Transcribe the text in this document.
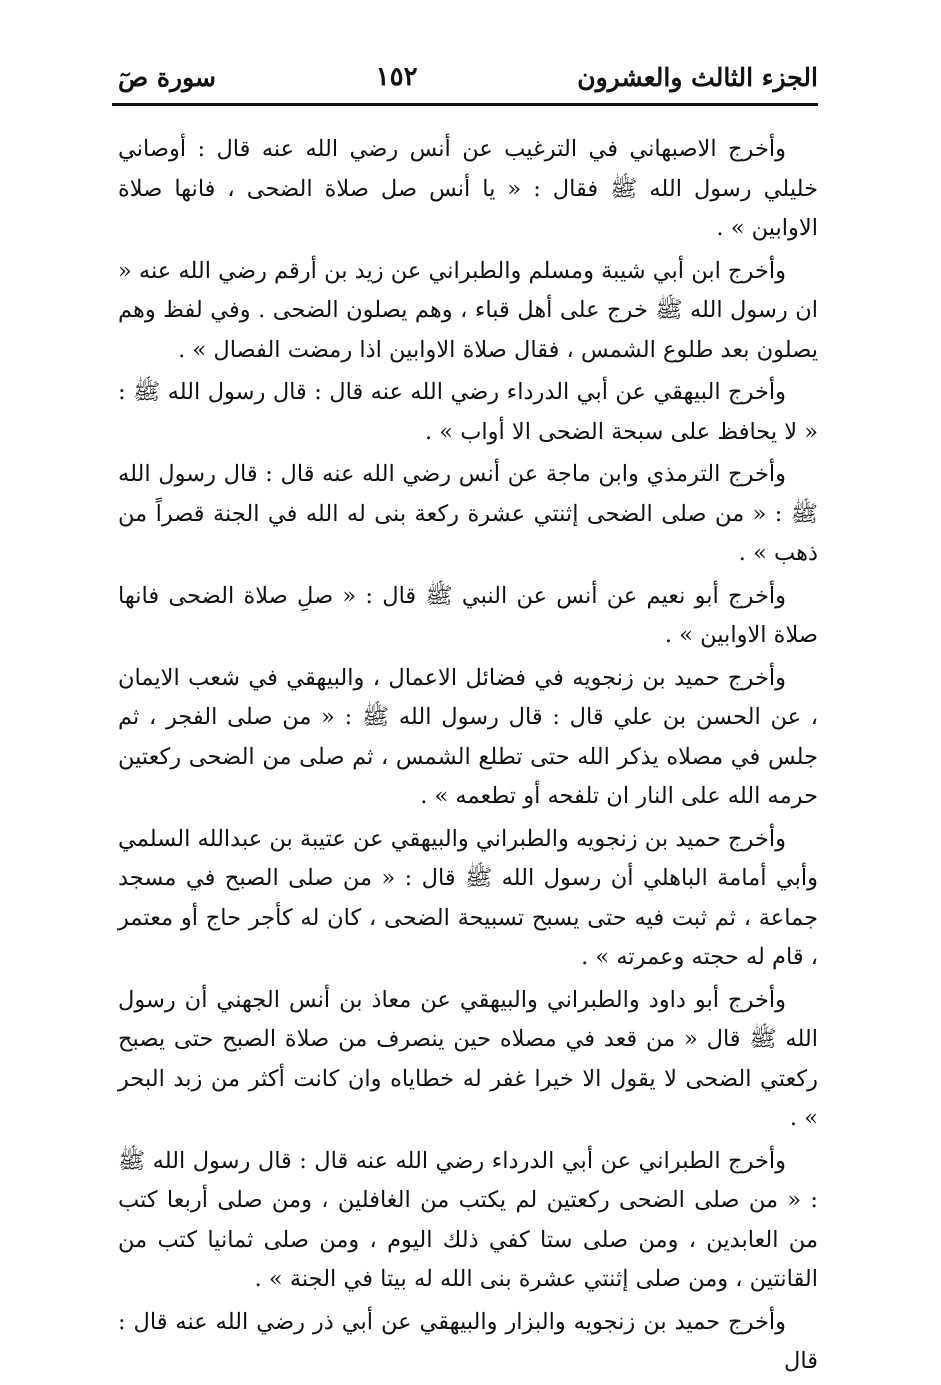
الجزء الثالث والعشرون
١٥٢
سورة صٓ

وأخرج الاصبهاني في الترغيب عن أنس رضي الله عنه قال : أوصاني خليلي رسول الله ﷺ فقال : « يا أنس صل صلاة الضحى ، فانها صلاة الاوابين » .

وأخرج ابن أبي شيبة ومسلم والطبراني عن زيد بن أرقم رضي الله عنه « ان رسول الله ﷺ خرج على أهل قباء ، وهم يصلون الضحى . وفي لفظ وهم يصلون بعد طلوع الشمس ، فقال صلاة الاوابين اذا رمضت الفصال » .

وأخرج البيهقي عن أبي الدرداء رضي الله عنه قال : قال رسول الله ﷺ : « لا يحافظ على سبحة الضحى الا أواب » .

وأخرج الترمذي وابن ماجة عن أنس رضي الله عنه قال : قال رسول الله ﷺ : « من صلى الضحى إثنتي عشرة ركعة بنى له الله في الجنة قصراً من ذهب » .

وأخرج أبو نعيم عن أنس عن النبي ﷺ قال : « صلِ صلاة الضحى فانها صلاة الاوابين » .

وأخرج حميد بن زنجويه في فضائل الاعمال ، والبيهقي في شعب الايمان ، عن الحسن بن علي قال : قال رسول الله ﷺ : « من صلى الفجر ، ثم جلس في مصلاه يذكر الله حتى تطلع الشمس ، ثم صلى من الضحى ركعتين حرمه الله على النار ان تلفحه أو تطعمه » .

وأخرج حميد بن زنجويه والطبراني والبيهقي عن عتيبة بن عبدالله السلمي وأبي أمامة الباهلي أن رسول الله ﷺ قال : « من صلى الصبح في مسجد جماعة ، ثم ثبت فيه حتى يسبح تسبيحة الضحى ، كان له كأجر حاج أو معتمر ، قام له حجته وعمرته » .

وأخرج أبو داود والطبراني والبيهقي عن معاذ بن أنس الجهني أن رسول الله ﷺ قال « من قعد في مصلاه حين ينصرف من صلاة الصبح حتى يصبح ركعتي الضحى لا يقول الا خيرا غفر له خطاياه وان كانت أكثر من زبد البحر » .

وأخرج الطبراني عن أبي الدرداء رضي الله عنه قال : قال رسول الله ﷺ : « من صلى الضحى ركعتين لم يكتب من الغافلين ، ومن صلى أربعا كتب من العابدين ، ومن صلى ستا كفي ذلك اليوم ، ومن صلى ثمانيا كتب من القانتين ، ومن صلى إثنتي عشرة بنى الله له بيتا في الجنة » .

وأخرج حميد بن زنجويه والبزار والبيهقي عن أبي ذر رضي الله عنه قال : قال
